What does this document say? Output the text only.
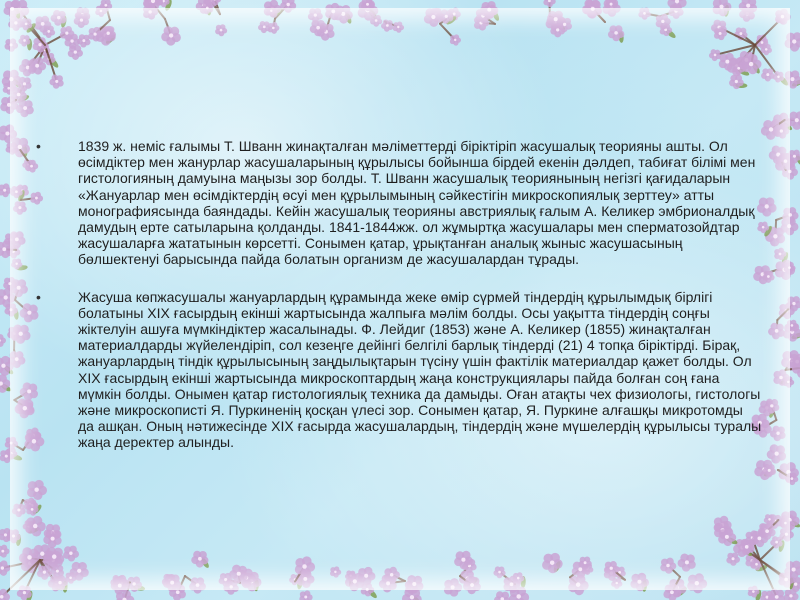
•	1839 ж. неміс ғалымы Т. Шванн жинақталған мәліметтерді біріктіріп жасушалық теорияны ашты. Ол өсімдіктер мен жанурлар жасушаларының құрылысы бойынша бірдей екенін дәлдеп, табиғат білімі мен гистологияның дамуына маңызы зор болды. Т. Шванн жасушалық теориянының негізгі қағидаларын «Жануарлар мен өсімдіктердің өсуі мен құрылымының сәйкестігін микроскопиялық зерттеу» атты монографиясында баяндады. Кейін жасушалық теорияны австриялық ғалым А. Келикер эмбрионалдық дамудың ерте сатыларына қолданды. 1841-1844жж. ол жұмыртқа жасушалары мен сперматозойдтар жасушаларға жататынын көрсетті. Сонымен қатар, ұрықтанған аналық жыныс жасушасының бөлшектенуі барысында пайда болатын организм де жасушалардан тұрады.

•	Жасуша көпжасушалы жануарлардың құрамында жеке өмір сүрмей тіндердің құрылымдық бірлігі болатыны XIX ғасырдың екінші жартысында жалпыға мәлім болды. Осы уақытта тіндердің соңғы жіктелуін ашуға мүмкіндіктер жасалынады. Ф. Лейдиг (1853) және А. Келикер (1855) жинақталған материалдарды жүйелендіріп, сол кезеңге дейінгі белгілі барлық тіндерді (21) 4 топқа біріктірді. Бірақ, жануарлардың тіндік құрылысының заңдылықтарын түсіну үшін фактілік материалдар қажет болды. Ол XIX ғасырдың екінші жартысында микроскоптардың жаңа конструкциялары пайда болған соң ғана мүмкін болды. Онымен қатар гистологиялық техника да дамыды. Оған атақты чех физиологы, гистологы және микроскописті Я. Пуркиненің қосқан үлесі зор. Сонымен қатар, Я. Пуркине алғашқы микротомды да ашқан. Оның нәтижесінде XIX ғасырда жасушалардың, тіндердің және мүшелердің құрылысы туралы жаңа деректер алынды.
